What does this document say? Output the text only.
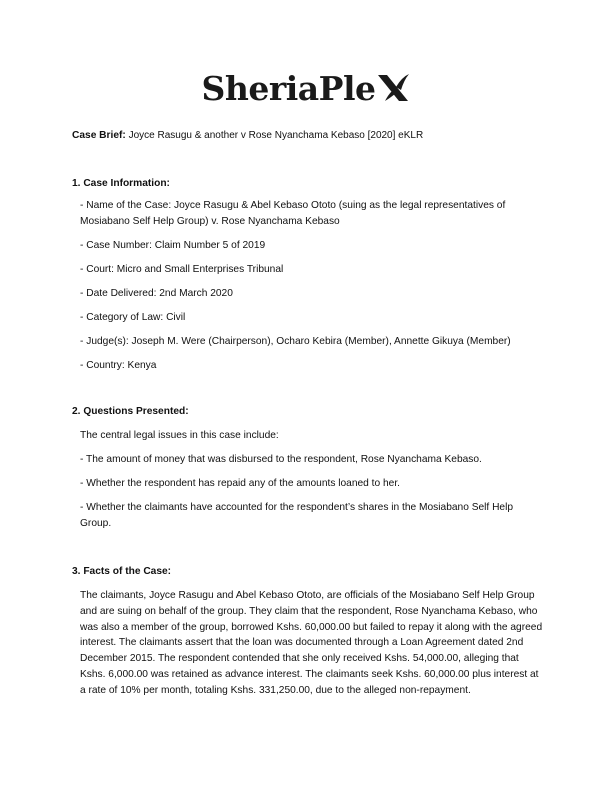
SheriaPle
Case Brief: Joyce Rasugu & another v Rose Nyanchama Kebaso [2020] eKLR
1. Case Information:
- Name of the Case: Joyce Rasugu & Abel Kebaso Ototo (suing as the legal representatives of Mosiabano Self Help Group) v. Rose Nyanchama Kebaso
- Case Number: Claim Number 5 of 2019
- Court: Micro and Small Enterprises Tribunal
- Date Delivered: 2nd March 2020
- Category of Law: Civil
- Judge(s): Joseph M. Were (Chairperson), Ocharo Kebira (Member), Annette Gikuya (Member)
- Country: Kenya
2. Questions Presented:
The central legal issues in this case include:
- The amount of money that was disbursed to the respondent, Rose Nyanchama Kebaso.
- Whether the respondent has repaid any of the amounts loaned to her.
- Whether the claimants have accounted for the respondent’s shares in the Mosiabano Self Help Group.
3. Facts of the Case:
The claimants, Joyce Rasugu and Abel Kebaso Ototo, are officials of the Mosiabano Self Help Group and are suing on behalf of the group. They claim that the respondent, Rose Nyanchama Kebaso, who was also a member of the group, borrowed Kshs. 60,000.00 but failed to repay it along with the agreed interest. The claimants assert that the loan was documented through a Loan Agreement dated 2nd December 2015. The respondent contended that she only received Kshs. 54,000.00, alleging that Kshs. 6,000.00 was retained as advance interest. The claimants seek Kshs. 60,000.00 plus interest at a rate of 10% per month, totaling Kshs. 331,250.00, due to the alleged non-repayment.
